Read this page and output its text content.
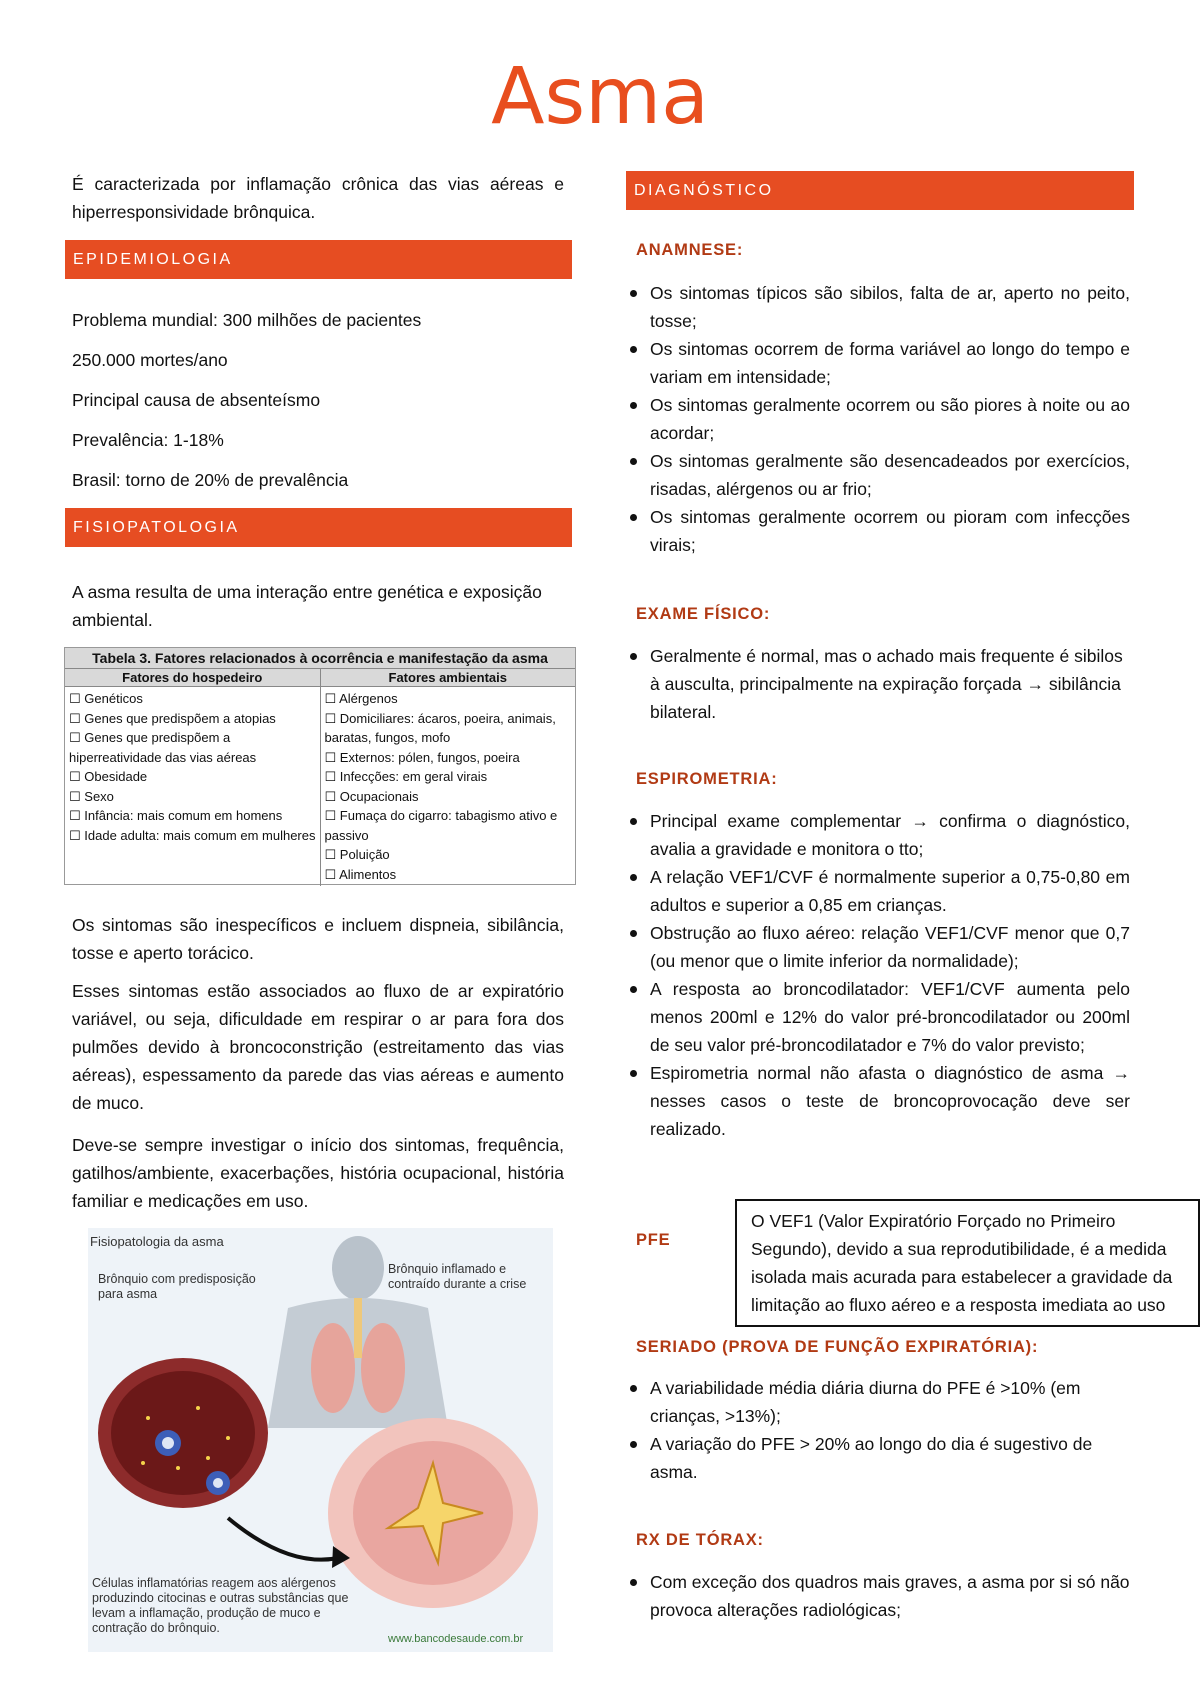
Asma

É caracterizada por inflamação crônica das vias aéreas e hiperresponsividade brônquica.

EPIDEMIOLOGIA

Problema mundial: 300 milhões de pacientes

250.000 mortes/ano

Principal causa de absenteísmo

Prevalência: 1-18%

Brasil: torno de 20% de prevalência

FISIOPATOLOGIA

A asma resulta de uma interação entre genética e exposição ambiental.

Tabela 3. Fatores relacionados à ocorrência e manifestação da asma
Fatores do hospedeiro	Fatores ambientais
☐ Genéticos
☐ Genes que predispõem a atopias
☐ Genes que predispõem a hiperreatividade das vias aéreas
☐ Obesidade
☐ Sexo
☐ Infância: mais comum em homens
☐ Idade adulta: mais comum em mulheres
☐ Alérgenos
☐ Domiciliares: ácaros, poeira, animais, baratas, fungos, mofo
☐ Externos: pólen, fungos, poeira
☐ Infecções: em geral virais
☐ Ocupacionais
☐ Fumaça do cigarro: tabagismo ativo e passivo
☐ Poluição
☐ Alimentos

Os sintomas são inespecíficos e incluem dispneia, sibilância, tosse e aperto torácico.

Esses sintomas estão associados ao fluxo de ar expiratório variável, ou seja, dificuldade em respirar o ar para fora dos pulmões devido à broncoconstrição (estreitamento das vias aéreas), espessamento da parede das vias aéreas e aumento de muco.

Deve-se sempre investigar o início dos sintomas, frequência, gatilhos/ambiente, exacerbações, história ocupacional, história familiar e medicações em uso.

Fisiopatologia da asma
Brônquio com predisposição para asma
Brônquio inflamado e contraído durante a crise
Células inflamatórias reagem aos alérgenos produzindo citocinas e outras substâncias que levam a inflamação, produção de muco e contração do brônquio.
www.bancodesaude.com.br
DIAGNÓSTICO
ANAMNESE:
Os sintomas típicos são sibilos, falta de ar, aperto no peito, tosse;
Os sintomas ocorrem de forma variável ao longo do tempo e variam em intensidade;
Os sintomas geralmente ocorrem ou são piores à noite ou ao acordar;
Os sintomas geralmente são desencadeados por exercícios, risadas, alérgenos ou ar frio;
Os sintomas geralmente ocorrem ou pioram com infecções virais;
EXAME FÍSICO:
Geralmente é normal, mas o achado mais frequente é sibilos à ausculta, principalmente na expiração forçada → sibilância bilateral.
ESPIROMETRIA:
Principal exame complementar → confirma o diagnóstico, avalia a gravidade e monitora o tto;
A relação VEF1/CVF é normalmente superior a 0,75-0,80 em adultos e superior a 0,85 em crianças.
Obstrução ao fluxo aéreo: relação VEF1/CVF menor que 0,7 (ou menor que o limite inferior da normalidade);
A resposta ao broncodilatador: VEF1/CVF aumenta pelo menos 200ml e 12% do valor pré-broncodilatador ou 200ml de seu valor pré-broncodilatador e 7% do valor previsto;
Espirometria normal não afasta o diagnóstico de asma → nesses casos o teste de broncoprovocação deve ser realizado.
PFE
O VEF1 (Valor Expiratório Forçado no Primeiro Segundo), devido a sua reprodutibilidade, é a medida isolada mais acurada para estabelecer a gravidade da limitação ao fluxo aéreo e a resposta imediata ao uso
SERIADO (PROVA DE FUNÇÃO EXPIRATÓRIA):
A variabilidade média diária diurna do PFE é >10% (em crianças, >13%);
A variação do PFE > 20% ao longo do dia é sugestivo de asma.
RX DE TÓRAX:
Com exceção dos quadros mais graves, a asma por si só não provoca alterações radiológicas;
